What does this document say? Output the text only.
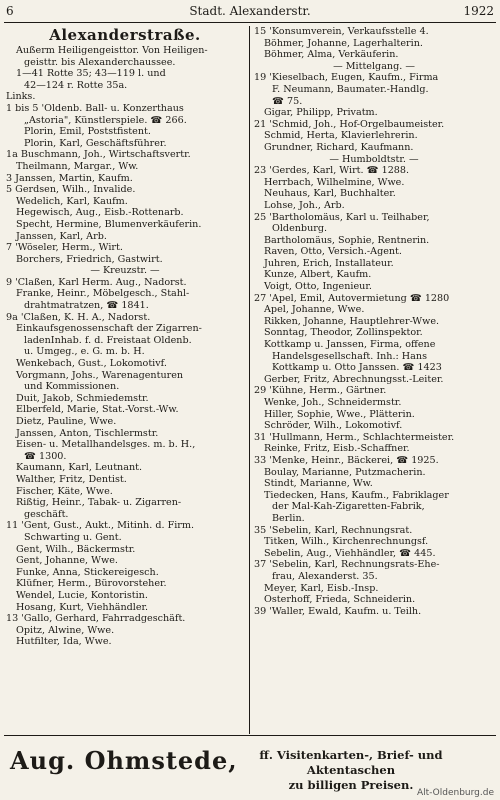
6	Stadt. Alexanderstr.	1922
Alexanderstraße.
Außerm Heiligengeisttor. Von Heiligen-
geisttr. bis Alexanderchaussee.
1—41 Rotte 35; 43—119 l. und
42—124 r. Rotte 35a.
Links.
1 bis 5 'Oldenb. Ball- u. Konzerthaus
„Astoria", Künstlerspiele. ☎ 266.
Plorin, Emil, Poststfistent.
Plorin, Karl, Geschäftsführer.
1a Buschmann, Joh., Wirtschaftsvertr.
Theilmann, Margar., Ww.
3 Janssen, Martin, Kaufm.
5 Gerdsen, Wilh., Invalide.
Wedelich, Karl, Kaufm.
Hegewisch, Aug., Eisb.-Rottenarb.
Specht, Hermine, Blumenverkäuferin.
Janssen, Karl, Arb.
7 'Wöseler, Herm., Wirt.
Borchers, Friedrich, Gastwirt.
— Kreuzstr. —
9 'Claßen, Karl Herm. Aug., Nadorst.
Franke, Heinr., Möbelgesch., Stahl-
drahtmatratzen, ☎ 1841.
9a 'Claßen, K. H. A., Nadorst.
Einkaufsgenossenschaft der Zigarren-
ladenInhab. f. d. Freistaat Oldenb.
u. Umgeg., e. G. m. b. H.
Wenkebach, Gust., Lokomotivf.
Vorgmann, Johs., Warenagenturen
und Kommissionen.
Duit, Jakob, Schmiedemstr.
Elberfeld, Marie, Stat.-Vorst.-Ww.
Dietz, Pauline, Wwe.
Janssen, Anton, Tischlermstr.
Eisen- u. Metallhandelsges. m. b. H.,
☎ 1300.
Kaumann, Karl, Leutnant.
Walther, Fritz, Dentist.
Fischer, Käte, Wwe.
Rißtig, Heinr., Tabak- u. Zigarren-
geschäft.
11 'Gent, Gust., Aukt., Mitinh. d. Firm.
Schwarting u. Gent.
Gent, Wilh., Bäckermstr.
Gent, Johanne, Wwe.
Funke, Anna, Stickereigesch.
Klüfner, Herm., Bürovorsteher.
Wendel, Lucie, Kontoristin.
Hosang, Kurt, Viehhändler.
13 'Gallo, Gerhard, Fahrradgeschäft.
Opitz, Alwine, Wwe.
Hutfilter, Ida, Wwe.
15 'Konsumverein, Verkaufsstelle 4.
Böhmer, Johanne, Lagerhalterin.
Böhmer, Alma, Verkäuferin.
— Mittelgang. —
19 'Kieselbach, Eugen, Kaufm., Firma
F. Neumann, Baumater.-Handlg.
☎ 75.
Gigar, Philipp, Privatm.
21 'Schmid, Joh., Hof-Orgelbaumeister.
Schmid, Herta, Klavierlehrerin.
Grundner, Richard, Kaufmann.
— Humboldtstr. —
23 'Gerdes, Karl, Wirt. ☎ 1288.
Herrbach, Wilhelmine, Wwe.
Neuhaus, Karl, Buchhalter.
Lohse, Joh., Arb.
25 'Bartholomäus, Karl u. Teilhaber,
Oldenburg.
Bartholomäus, Sophie, Rentnerin.
Raven, Otto, Versich.-Agent.
Juhren, Erich, Installateur.
Kunze, Albert, Kaufm.
Voigt, Otto, Ingenieur.
27 'Apel, Emil, Autovermietung ☎ 1280
Apel, Johanne, Wwe.
Rikken, Johanne, Hauptlehrer-Wwe.
Sonntag, Theodor, Zollinspektor.
Kottkamp u. Janssen, Firma, offene
Handelsgesellschaft. Inh.: Hans
Kottkamp u. Otto Janssen. ☎ 1423
Gerber, Fritz, Abrechnungsst.-Leiter.
29 'Kühne, Herm., Gärtner.
Wenke, Joh., Schneidermstr.
Hiller, Sophie, Wwe., Plätterin.
Schröder, Wilh., Lokomotivf.
31 'Hullmann, Herm., Schlachtermeister.
Reinke, Fritz, Eisb.-Schaffner.
33 'Menke, Heinr., Bäckerei, ☎ 1925.
Boulay, Marianne, Putzmacherin.
Stindt, Marianne, Ww.
Tiedecken, Hans, Kaufm., Fabriklager
der Mal-Kah-Zigaretten-Fabrik,
Berlin.
35 'Sebelin, Karl, Rechnungsrat.
Titken, Wilh., Kirchenrechnungsf.
Sebelin, Aug., Viehhändler, ☎ 445.
37 'Sebelin, Karl, Rechnungsrats-Ehe-
frau, Alexanderst. 35.
Meyer, Karl, Eisb.-Insp.
Osterhoff, Frieda, Schneiderin.
39 'Waller, Ewald, Kaufm. u. Teilh.
Aug. Ohmstede,	ff. Visitenkarten-, Brief- und Aktentaschen
zu billigen Preisen.
Alt-Oldenburg.de
